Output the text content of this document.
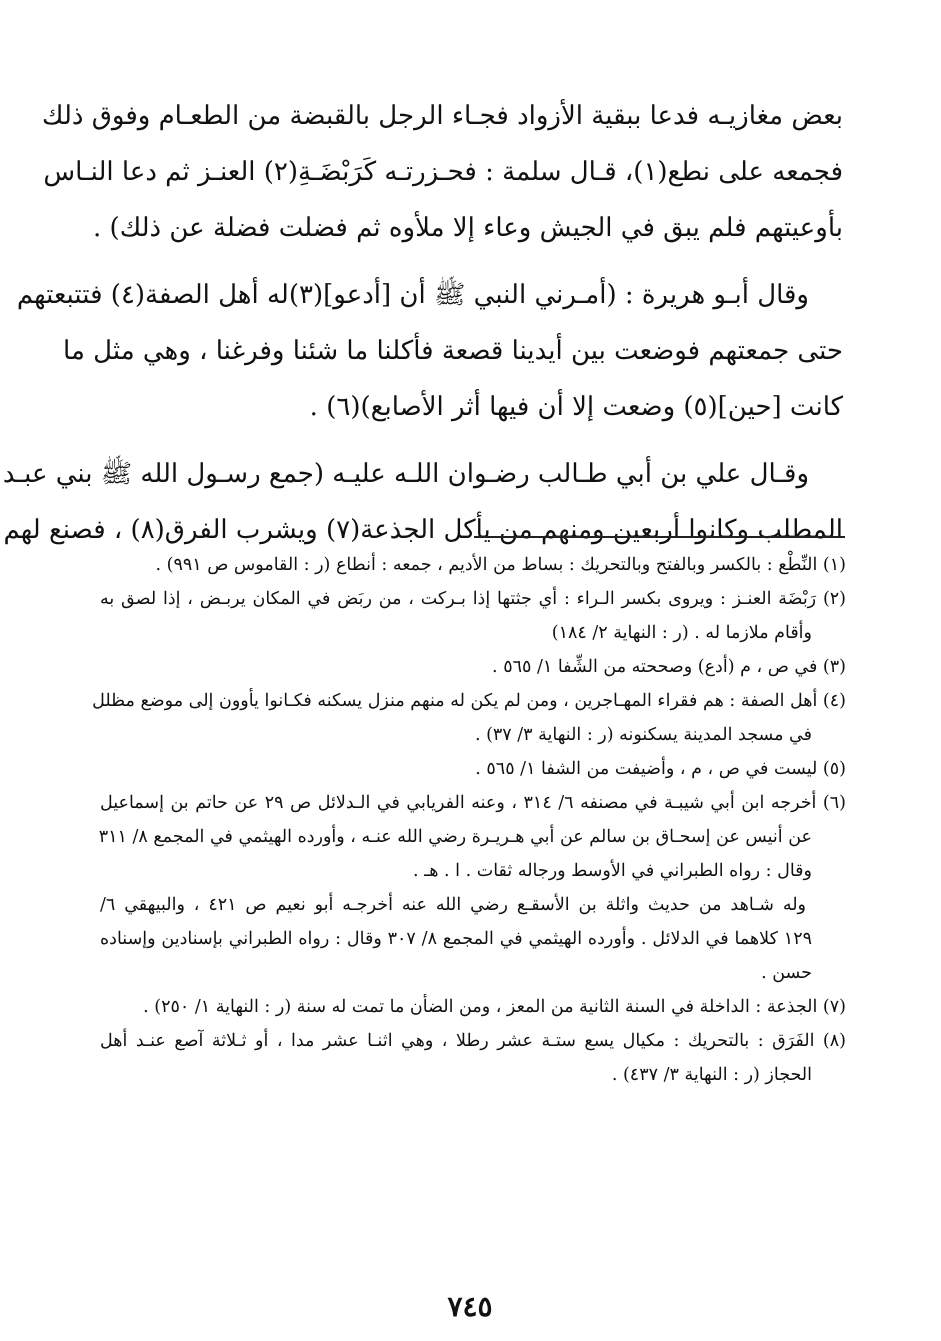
بعض مغازيـه فدعا ببقية الأزواد فجـاء الرجل بالقبضة من الطعـام وفوق ذلك
فجمعه على نطع(١)، قـال سلمة : فحـزرتـه كَرَبْضَـةِ(٢) العنـز ثم دعا النـاس
بأوعيتهم فلم يبق في الجيش وعاء إلا ملأوه ثم فضلت فضلة عن ذلك) .

وقال أبـو هريرة : (أمـرني النبي ﷺ أن [أدعو](٣)له أهل الصفة(٤) فتتبعتهم
حتى جمعتهم فوضعت بين أيدينا قصعة فأكلنا ما شئنا وفرغنا ، وهي مثل ما
كانت [حين](٥) وضعت إلا أن فيها أثر الأصابع)(٦) .

وقـال علي بن أبي طـالب رضـوان اللـه عليـه (جمع رسـول الله ﷺ بني عبـد
المطلب وكانوا أربعين ومنهم من يأكل الجذعة(٧) ويشرب الفرق(٨) ، فصنع لهم

(١) النِّطْع : بالكسر وبالفتح وبالتحريك : بساط من الأديم ، جمعه : أنطاع (ر : القاموس ص ٩٩١) .

(٢) رَبْضَة العنـز : ويروى بكسر الـراء : أي جثتها إذا بـركت ، من ربَض في المكان يربـض ، إذا لصق به
وأقام ملازما له . (ر : النهاية ٢/ ١٨٤)

(٣) في ص ، م (أدع) وصححته من الشِّفا ١/ ٥٦٥ .

(٤) أهل الصفة : هم فقراء المهـاجرين ، ومن لم يكن له منهم منزل يسكنه فكـانوا يأوون إلى موضع مظلل
في مسجد المدينة يسكنونه (ر : النهاية ٣/ ٣٧) .

(٥) ليست في ص ، م ، وأضيفت من الشفا ١/ ٥٦٥ .

(٦) أخرجه ابن أبي شيبـة في مصنفه ٦/ ٣١٤ ، وعنه الفريابي في الـدلائل ص ٢٩ عن حاتم بن إسماعيل
عن أنيس عن إسحـاق بن سالم عن أبي هـريـرة رضي الله عنـه ، وأورده الهيثمي في المجمع ٨/ ٣١١
وقال : رواه الطبراني في الأوسط ورجاله ثقات . ا . هـ .

وله شـاهد من حديث واثلة بن الأسقـع رضي الله عنه أخرجـه أبو نعيم ص ٤٢١ ، والبيهقي ٦/
١٢٩ كلاهما في الدلائل . وأورده الهيثمي في المجمع ٨/ ٣٠٧ وقال : رواه الطبراني بإسنادين وإسناده
حسن .

(٧) الجذعة : الداخلة في السنة الثانية من المعز ، ومن الضأن ما تمت له سنة (ر : النهاية ١/ ٢٥٠) .

(٨) الفَرَق : بالتحريك : مكيال يسع ستـة عشر رطلا ، وهي اثنـا عشر مدا ، أو ثـلاثة آصع عنـد أهل
الحجاز (ر : النهاية ٣/ ٤٣٧) .

٧٤٥
